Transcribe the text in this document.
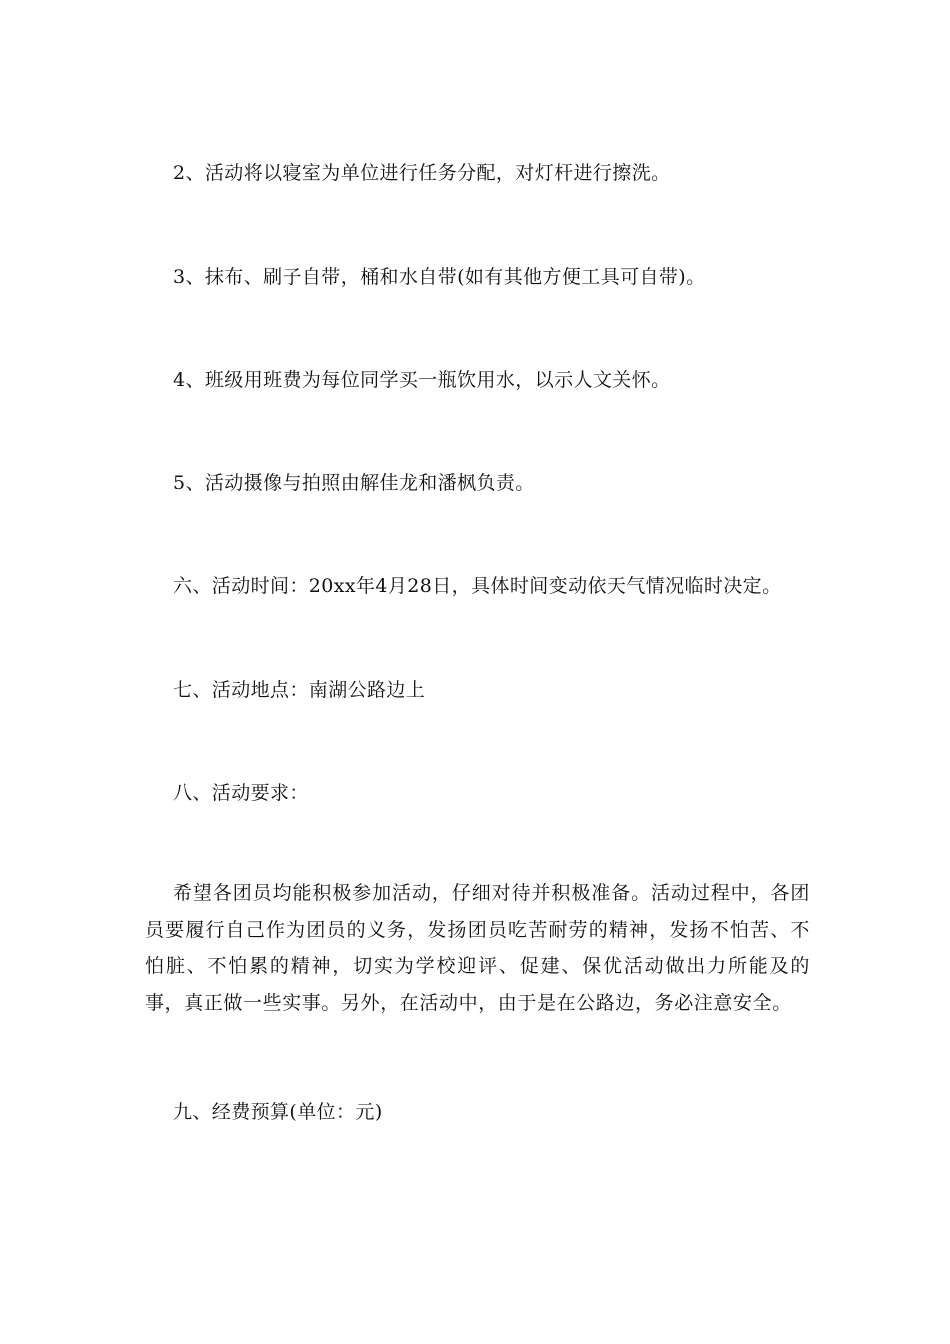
2、活动将以寝室为单位进行任务分配，对灯杆进行擦洗。
3、抹布、刷子自带，桶和水自带(如有其他方便工具可自带)。
4、班级用班费为每位同学买一瓶饮用水，以示人文关怀。
5、活动摄像与拍照由解佳龙和潘枫负责。
六、活动时间：20xx年4月28日，具体时间变动依天气情况临时决定。
七、活动地点：南湖公路边上
八、活动要求：
希望各团员均能积极参加活动，仔细对待并积极准备。活动过程中，各团员要履行自己作为团员的义务，发扬团员吃苦耐劳的精神，发扬不怕苦、不怕脏、不怕累的精神，切实为学校迎评、促建、保优活动做出力所能及的事，真正做一些实事。另外，在活动中，由于是在公路边，务必注意安全。
九、经费预算(单位：元)
